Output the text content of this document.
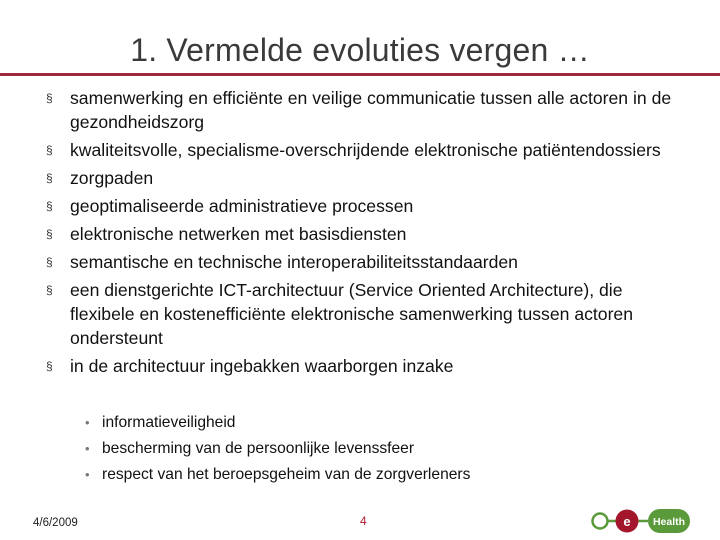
1. Vermelde evoluties vergen …
§ samenwerking en efficiënte en veilige communicatie tussen alle actoren in de gezondheidszorg
§ kwaliteitsvolle, specialisme-overschrijdende elektronische patiëntendossiers
§ zorgpaden
§ geoptimaliseerde administratieve processen
§ elektronische netwerken met basisdiensten
§ semantische en technische interoperabiliteitsstandaarden
§ een dienstgerichte ICT-architectuur (Service Oriented Architecture), die flexibele en kostenefficiënte elektronische samenwerking tussen actoren ondersteunt
§ in de architectuur ingebakken waarborgen inzake
• informatieveiligheid
• bescherming van de persoonlijke levenssfeer
• respect van het beroepsgeheim van de zorgverleners
4/6/2009	4	e Health
